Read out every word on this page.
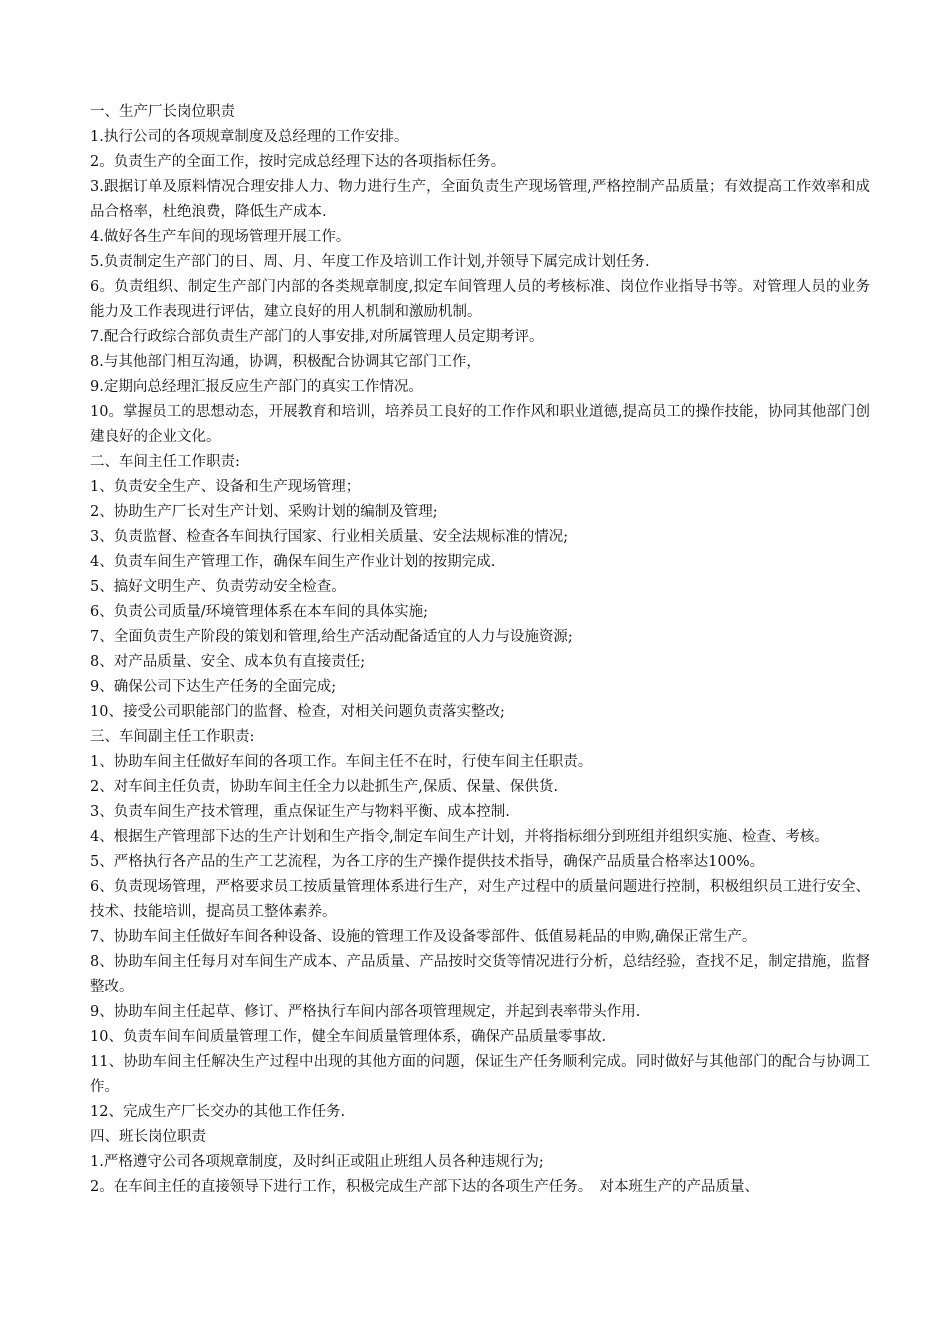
一、生产厂长岗位职责

1.执行公司的各项规章制度及总经理的工作安排。

2。负责生产的全面工作，按时完成总经理下达的各项指标任务。

3.跟据订单及原料情况合理安排人力、物力进行生产，全面负责生产现场管理,严格控制产品质量；有效提高工作效率和成品合格率，杜绝浪费，降低生产成本.

4.做好各生产车间的现场管理开展工作。

5.负责制定生产部门的日、周、月、年度工作及培训工作计划,并领导下属完成计划任务.

6。负责组织、制定生产部门内部的各类规章制度,拟定车间管理人员的考核标准、岗位作业指导书等。对管理人员的业务能力及工作表现进行评估，建立良好的用人机制和激励机制。

7.配合行政综合部负责生产部门的人事安排,对所属管理人员定期考评。

8.与其他部门相互沟通，协调，积极配合协调其它部门工作，

9.定期向总经理汇报反应生产部门的真实工作情况。

10。掌握员工的思想动态，开展教育和培训，培养员工良好的工作作风和职业道德,提高员工的操作技能，协同其他部门创建良好的企业文化。

二、车间主任工作职责:

1、负责安全生产、设备和生产现场管理；

2、协助生产厂长对生产计划、采购计划的编制及管理;

3、负责监督、检查各车间执行国家、行业相关质量、安全法规标准的情况;

4、负责车间生产管理工作，确保车间生产作业计划的按期完成.

5、搞好文明生产、负责劳动安全检查。

6、负责公司质量/环境管理体系在本车间的具体实施;

7、全面负责生产阶段的策划和管理,给生产活动配备适宜的人力与设施资源;

8、对产品质量、安全、成本负有直接责任;

9、确保公司下达生产任务的全面完成;

10、接受公司职能部门的监督、检查，对相关问题负责落实整改;

三、车间副主任工作职责:

1、协助车间主任做好车间的各项工作。车间主任不在时，行使车间主任职责。

2、对车间主任负责，协助车间主任全力以赴抓生产,保质、保量、保供货.

3、负责车间生产技术管理，重点保证生产与物料平衡、成本控制.

4、根据生产管理部下达的生产计划和生产指令,制定车间生产计划，并将指标细分到班组并组织实施、检查、考核。

5、严格执行各产品的生产工艺流程，为各工序的生产操作提供技术指导，确保产品质量合格率达100%。

6、负责现场管理，严格要求员工按质量管理体系进行生产，对生产过程中的质量问题进行控制，积极组织员工进行安全、技术、技能培训，提高员工整体素养。

7、协助车间主任做好车间各种设备、设施的管理工作及设备零部件、低值易耗品的申购,确保正常生产。

8、协助车间主任每月对车间生产成本、产品质量、产品按时交货等情况进行分析，总结经验，查找不足，制定措施，监督整改。

9、协助车间主任起草、修订、严格执行车间内部各项管理规定，并起到表率带头作用.

10、负责车间车间质量管理工作，健全车间质量管理体系，确保产品质量零事故.

11、协助车间主任解决生产过程中出现的其他方面的问题，保证生产任务顺利完成。同时做好与其他部门的配合与协调工作。

12、完成生产厂长交办的其他工作任务.

四、班长岗位职责

1.严格遵守公司各项规章制度，及时纠正或阻止班组人员各种违规行为;

2。在车间主任的直接领导下进行工作，积极完成生产部下达的各项生产任务。　对本班生产的产品质量、
